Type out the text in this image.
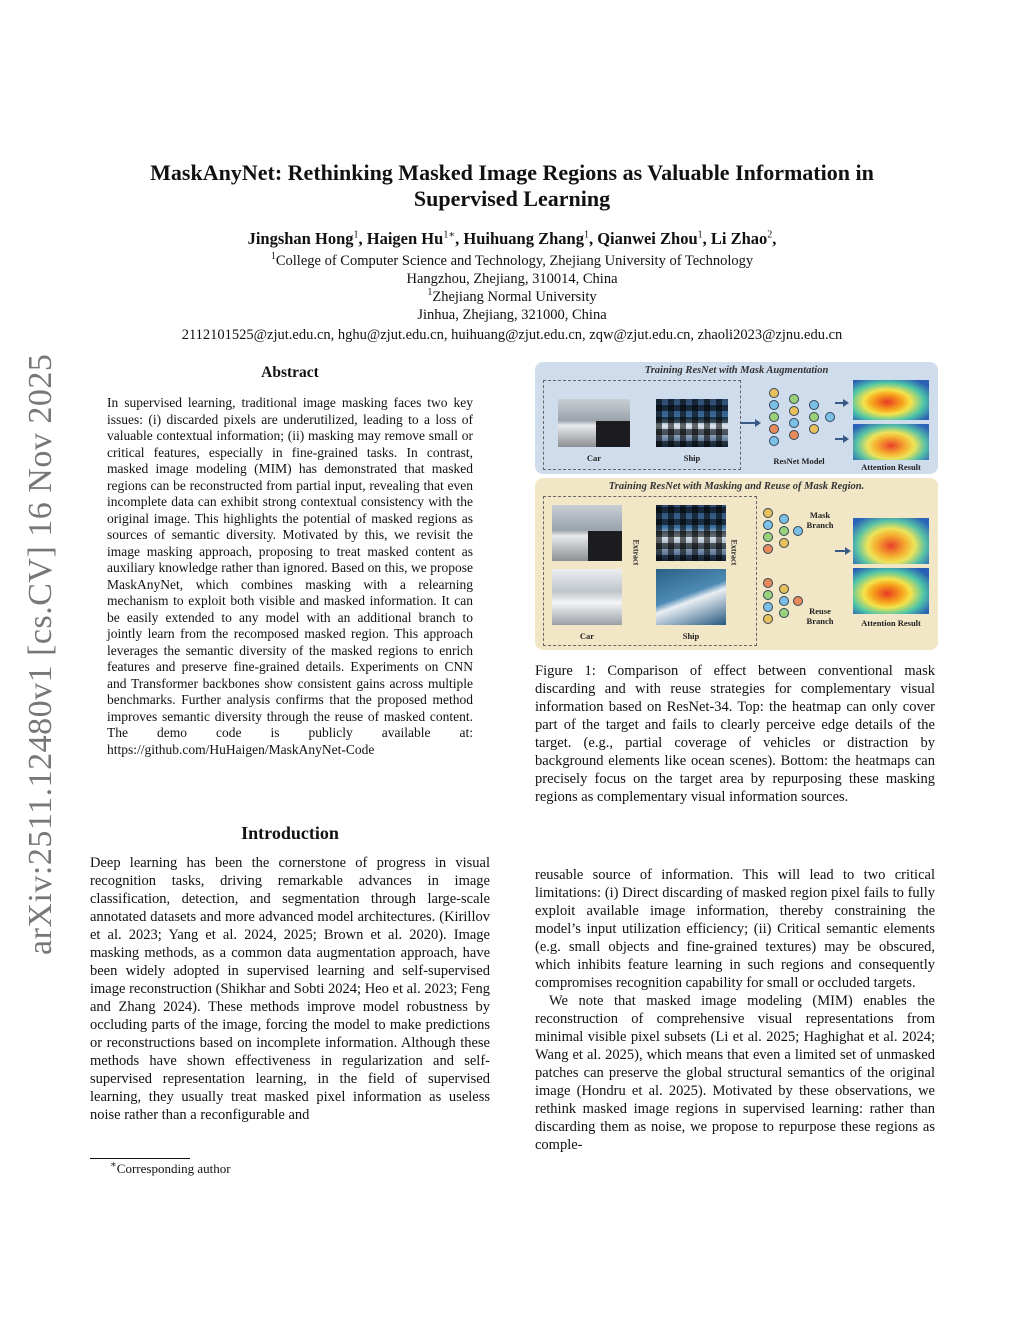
MaskAnyNet: Rethinking Masked Image Regions as Valuable Information in
Supervised Learning
Jingshan Hong$^1$, Haigen $Hu^{1∗}$, Huihuang Zhang$^1$, Qianwei Zhou$^1$, Li Zhao$^2$,
$^1$College of Computer Science and Technology, Zhejiang University of Technology
Hangzhou, Zhejiang, 310014, China
$^1$Zhejiang Normal University
Jinhua, Zhejiang, 321000, China
2112101525@zjut.edu.cn, hghu@zjut.edu.cn, huihuang@zjut.edu.cn, zqw@zjut.edu.cn, zhaoli2023@zjnu.edu.cn
arXiv:2511.12480v1 [cs.CV] 16 Nov 2025	Abstract
In supervised learning, traditional image masking faces two key issues: (i) discarded pixels are underutilized, leading to a loss of valuable contextual information; (ii) masking may remove small or critical features, especially in fine-grained tasks. In contrast, masked image modeling (MIM) has demonstrated that masked regions can be reconstructed from partial input, revealing that even incomplete data can exhibit strong contextual consistency with the original image. This highlights the potential of masked regions as sources of semantic diversity. Motivated by this, we revisit the image masking approach, proposing to treat masked content as auxiliary knowledge rather than ignored. Based on this, we propose MaskAnyNet, which combines masking with a relearning mechanism to exploit both visible and masked information. It can be easily extended to any model with an additional branch to jointly learn from the recomposed masked region. This approach leverages the semantic diversity of the masked regions to enrich features and preserve fine-grained details. Experiments on CNN and Transformer backbones show consistent gains across multiple benchmarks. Further analysis confirms that the proposed method improves semantic diversity through the reuse of masked content. The demo code is publicly available at: https://github.com/HuHaigen/MaskAnyNet-Code
Introduction
Deep learning has been the cornerstone of progress in visual recognition tasks, driving remarkable advances in image classification, detection, and segmentation through large-scale annotated datasets and more advanced model architectures. (Kirillov et al. 2023; Yang et al. 2024, 2025; Brown et al. 2020). Image masking methods, as a common data augmentation approach, have been widely adopted in supervised learning and self-supervised image reconstruction (Shikhar and Sobti 2024; Heo et al. 2023; Feng and Zhang 2024). These methods improve model robustness by occluding parts of the image, forcing the model to make predictions or reconstructions based on incomplete information. Although these methods have shown effectiveness in regularization and self-supervised representation learning, in the field of supervised learning, they usually treat masked pixel information as useless noise rather than a reconfigurable and
∗Corresponding author
Training ResNet with Mask Augmentation
Car	Ship	ResNet Model
Attention Result
Training ResNet with Masking and Reuse of Mask Region.
Extract	Extract
Car	Ship
Mask
Branch
Reuse
Branch	Attention Result
Figure 1: Comparison of effect between conventional mask discarding and with reuse strategies for complementary visual information based on ResNet-34. Top: the heatmap can only cover part of the target and fails to clearly perceive edge details of the target. (e.g., partial coverage of vehicles or distraction by background elements like ocean scenes). Bottom: the heatmaps can precisely focus on the target area by repurposing these masking regions as complementary visual information sources.

reusable source of information. This will lead to two critical limitations: (i) Direct discarding of masked region pixel fails to fully exploit available image information, thereby constraining the model’s input utilization efficiency; (ii) Critical semantic elements (e.g. small objects and fine-grained textures) may be obscured, which inhibits feature learning in such regions and consequently compromises recognition capability for small or occluded targets.

We note that masked image modeling (MIM) enables the reconstruction of comprehensive visual representations from minimal visible pixel subsets (Li et al. 2025; Haghighat et al. 2024; Wang et al. 2025), which means that even a limited set of unmasked patches can preserve the global structural semantics of the original image (Hondru et al. 2025). Motivated by these observations, we rethink masked image regions in supervised learning: rather than discarding them as noise, we propose to repurpose these regions as comple-
